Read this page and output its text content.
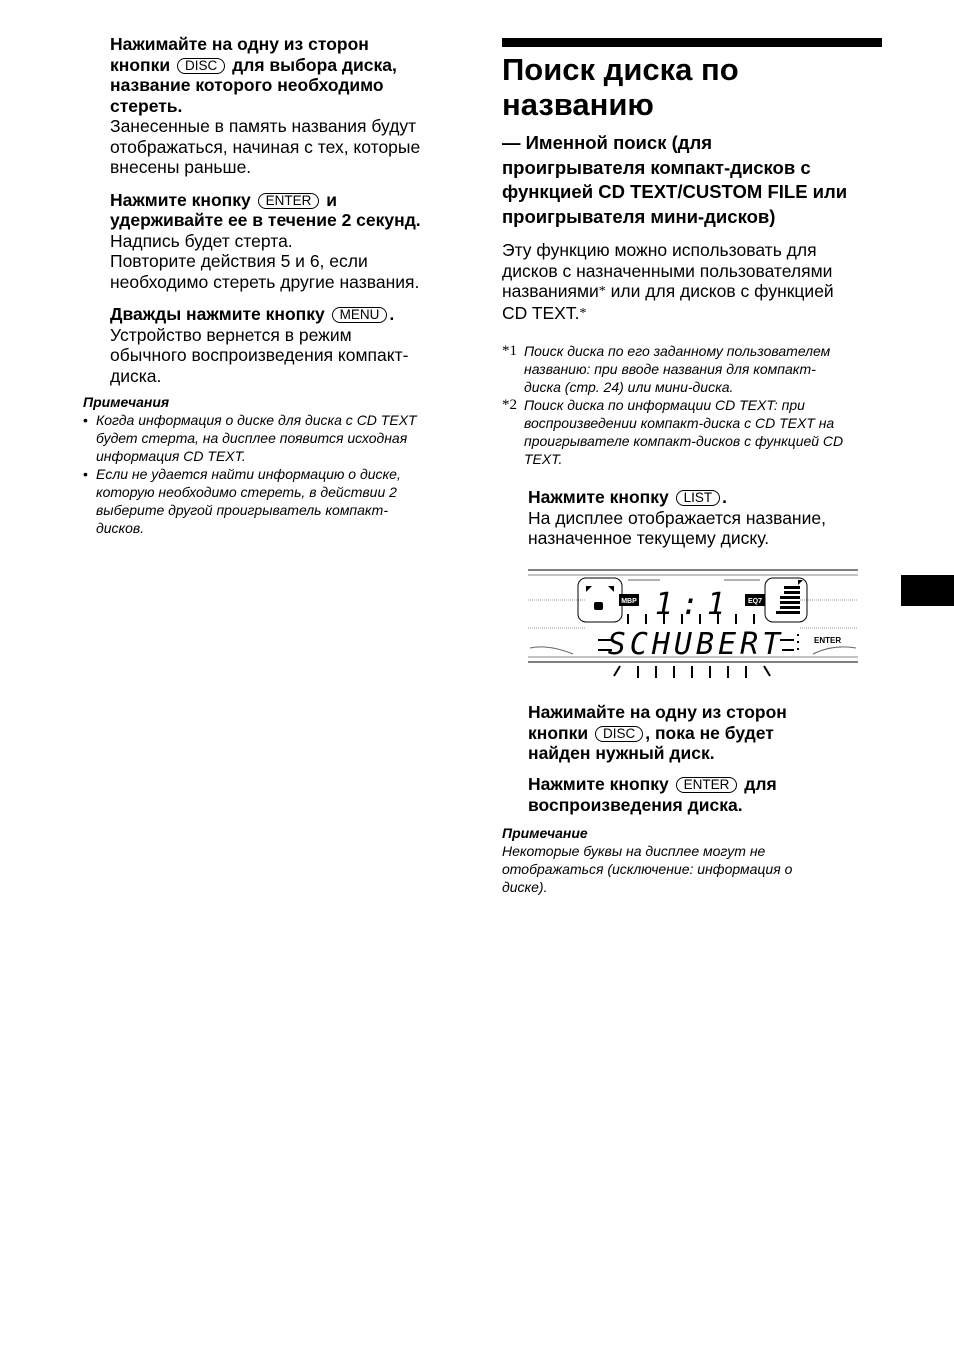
Нажимайте на одну из сторон
кнопки DISC для выбора диска,
название которого необходимо
стереть.
Занесенные в память названия будут
отображаться, начиная с тех, которые
внесены раньше.
Нажмите кнопку ENTER и
удерживайте ее в течение 2 секунд.
Надпись будет стерта.
Повторите действия 5 и 6, если
необходимо стереть другие названия.
Дважды нажмите кнопку MENU .
Устройство вернется в режим
обычного воспроизведения компакт-
диска.
Примечания
• Когда информация о диске для диска с CD TEXT
будет стерта, на дисплее появится исходная
информация CD TEXT.
• Если не удается найти информацию о диске,
которую необходимо стереть, в действии 2
выберите другой проигрыватель компакт-
дисков.
Поиск диска по
названию
— Именной поиск (для
проигрывателя компакт-дисков с
функцией CD TEXT/CUSTOM FILE или
проигрывателя мини-дисков)
Эту функцию можно использовать для
дисков с назначенными пользователями
названиями* или для дисков с функцией
CD TEXT.*
*1 Поиск диска по его заданному пользователем
названию: при вводе названия для компакт-
диска (стр. 24) или мини-диска.
*2 Поиск диска по информации CD TEXT: при
воспроизведении компакт-диска с CD TEXT на
проигрывателе компакт-дисков с функцией CD
TEXT.
Нажмите кнопку LIST .
На дисплее отображается название,
назначенное текущему диску.
MBP	EQ7
1:1
SCHUBERT	ENTER
Нажимайте на одну из сторон
кнопки DISC , пока не будет
найден нужный диск.
Нажмите кнопку ENTER для
воспроизведения диска.
Примечание
Некоторые буквы на дисплее могут не
отображаться (исключение: информация о
диске).
